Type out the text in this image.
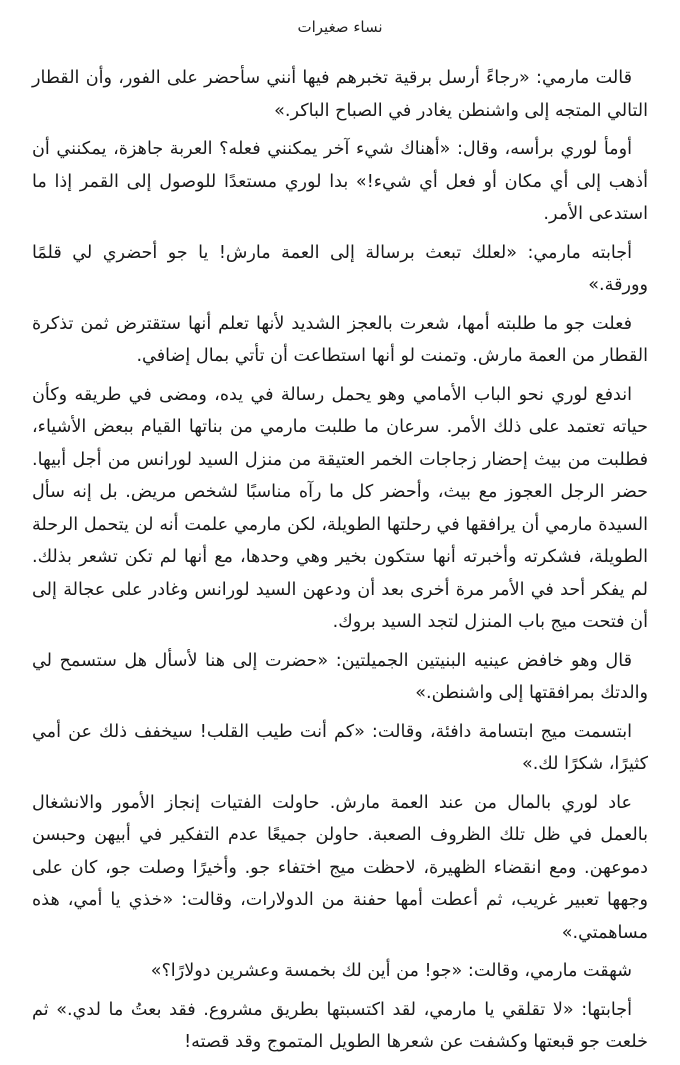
نساء صغيرات

قالت مارمي: «رجاءً أرسل برقية تخبرهم فيها أنني سأحضر على الفور، وأن القطار التالي المتجه إلى واشنطن يغادر في الصباح الباكر.»

أومأ لوري برأسه، وقال: «أهناك شيء آخر يمكنني فعله؟ العربة جاهزة، يمكنني أن أذهب إلى أي مكان أو فعل أي شيء!» بدا لوري مستعدًا للوصول إلى القمر إذا ما استدعى الأمر.

أجابته مارمي: «لعلك تبعث برسالة إلى العمة مارش! يا جو أحضري لي قلمًا وورقة.»

فعلت جو ما طلبته أمها، شعرت بالعجز الشديد لأنها تعلم أنها ستقترض ثمن تذكرة القطار من العمة مارش. وتمنت لو أنها استطاعت أن تأتي بمال إضافي.

اندفع لوري نحو الباب الأمامي وهو يحمل رسالة في يده، ومضى في طريقه وكأن حياته تعتمد على ذلك الأمر. سرعان ما طلبت مارمي من بناتها القيام ببعض الأشياء، فطلبت من بيث إحضار زجاجات الخمر العتيقة من منزل السيد لورانس من أجل أبيها. حضر الرجل العجوز مع بيث، وأحضر كل ما رآه مناسبًا لشخص مريض. بل إنه سأل السيدة مارمي أن يرافقها في رحلتها الطويلة، لكن مارمي علمت أنه لن يتحمل الرحلة الطويلة، فشكرته وأخبرته أنها ستكون بخير وهي وحدها، مع أنها لم تكن تشعر بذلك. لم يفكر أحد في الأمر مرة أخرى بعد أن ودعهن السيد لورانس وغادر على عجالة إلى أن فتحت ميج باب المنزل لتجد السيد بروك.

قال وهو خافض عينيه البنيتين الجميلتين: «حضرت إلى هنا لأسأل هل ستسمح لي والدتك بمرافقتها إلى واشنطن.»

ابتسمت ميج ابتسامة دافئة، وقالت: «كم أنت طيب القلب! سيخفف ذلك عن أمي كثيرًا، شكرًا لك.»

عاد لوري بالمال من عند العمة مارش. حاولت الفتيات إنجاز الأمور والانشغال بالعمل في ظل تلك الظروف الصعبة. حاولن جميعًا عدم التفكير في أبيهن وحبسن دموعهن. ومع انقضاء الظهيرة، لاحظت ميج اختفاء جو. وأخيرًا وصلت جو، كان على وجهها تعبير غريب، ثم أعطت أمها حفنة من الدولارات، وقالت: «خذي يا أمي، هذه مساهمتي.»

شهقت مارمي، وقالت: «جو! من أين لك بخمسة وعشرين دولارًا؟»

أجابتها: «لا تقلقي يا مارمي، لقد اكتسبتها بطريق مشروع. فقد بعتُ ما لدي.» ثم خلعت جو قبعتها وكشفت عن شعرها الطويل المتموج وقد قصته!
